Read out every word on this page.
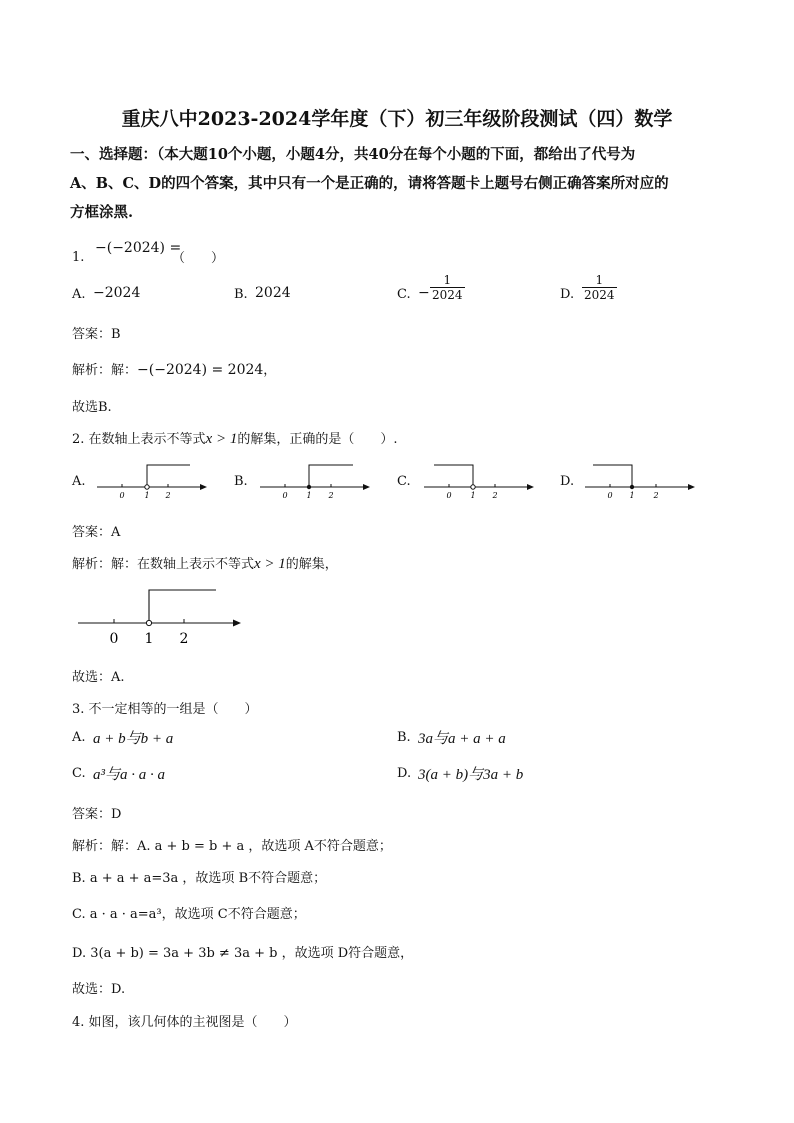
重庆八中2023-2024学年度（下）初三年级阶段测试（四）数学
一、选择题：（本大题10个小题，小题4分，共40分在每个小题的下面，都给出了代号为
A、B、C、D的四个答案，其中只有一个是正确的，请将答题卡上题号右侧正确答案所对应的
方框涂黑.
1.
−(−2024) =
（　　）
A. −2024	B. 2024	C. − $\frac{1}{2024}$	D. $\frac{1}{2024}$
答案：B
解析：解：−(−2024) = 2024，
故选B.
2. 在数轴上表示不等式x > 1的解集，正确的是（　　）.
A.
0 1 2
B.
0 1 2
C.
0 1 2
D.
0 1 2
答案：A
解析：解：在数轴上表示不等式x > 1的解集，
0 1 2
故选：A.
3. 不一定相等的一组是（　　）
A. a + b与b + a	B. 3a与a + a + a
C. a³与a · a · a	D. 3(a + b)与3a + b
答案：D
解析：解：A. a + b = b + a ，故选项 A不符合题意；
B. a + a + a=3a ，故选项 B不符合题意；
C. a · a · a=a³，故选项 C不符合题意；
D. 3(a + b) = 3a + 3b ≠ 3a + b ，故选项 D符合题意，
故选：D.
4. 如图，该几何体的主视图是（　　）
